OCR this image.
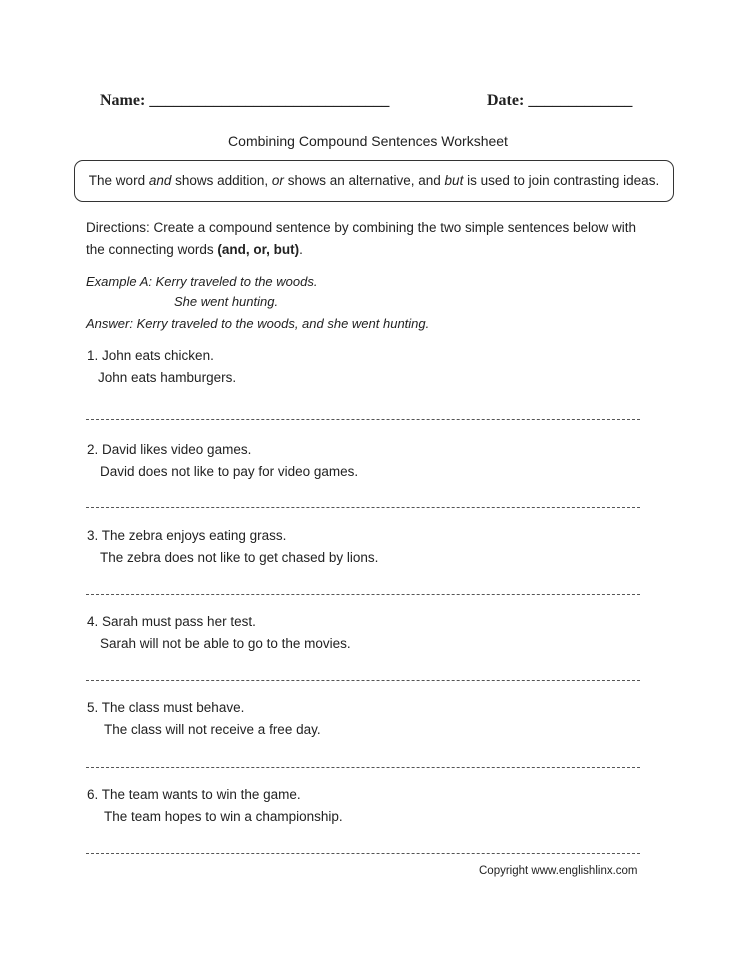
Name: ______________________________	Date: _____________
Combining Compound Sentences Worksheet
The word and shows addition, or shows an alternative, and but is used to join contrasting ideas.
Directions: Create a compound sentence by combining the two simple sentences below with
the connecting words (and, or, but).
Example A: Kerry traveled to the woods.
She went hunting.
Answer: Kerry traveled to the woods, and she went hunting.
1. John eats chicken.
John eats hamburgers.
2. David likes video games.
David does not like to pay for video games.
3. The zebra enjoys eating grass.
The zebra does not like to get chased by lions.
4. Sarah must pass her test.
Sarah will not be able to go to the movies.
5. The class must behave.
The class will not receive a free day.
6. The team wants to win the game.
The team hopes to win a championship.
Copyright www.englishlinx.com
